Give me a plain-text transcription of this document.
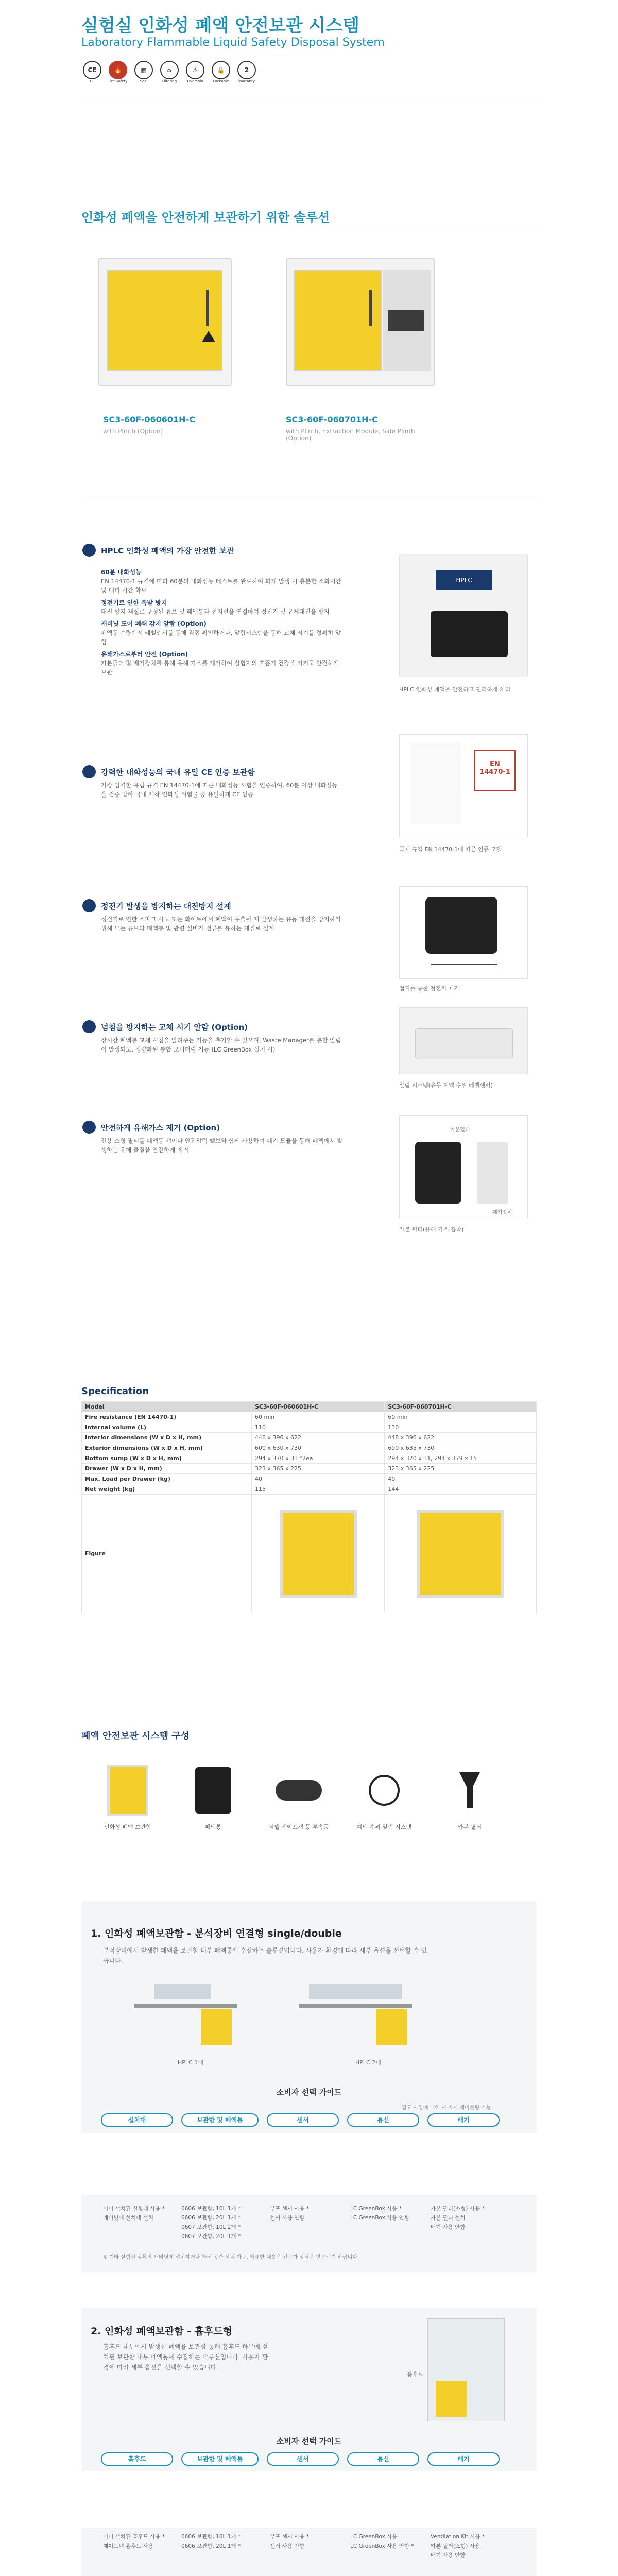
실험실 인화성 폐액 안전보관 시스템
Laboratory Flammable Liquid Safety Disposal System
CE
CE
🔥
Fire Safety
▦
Seal
⌂
Filtering
⚠
Overcolo
🔒
Lockable
2
Warranty
인화성 폐액을 안전하게 보관하기 위한 솔루션
SC3-60F-060601H-C
with Plinth (Option)
SC3-60F-060701H-C
with Plinth, Extraction Module, Side Plinth (Option)
HPLC 인화성 폐액의 가장 안전한 보관
60분 내화성능
EN 14470-1 규격에 따라 60분의 내화성능 테스트를 완료하여 화재 발생 시 충분한 소화시간 및 대피 시간 확보
정전기로 인한 폭발 방지
대전 방지 재질로 구성된 튜브 및 폐액통과 접지선을 연결하여 정전기 및 유체대전을 방지
캐비닛 도어 폐쇄 감지 알람 (Option)
폐액통 수량에서 레벨센서를 통해 직접 확인하거나, 알림시스템을 통해 교체 시기를 정확히 알림
유해가스로부터 안전 (Option)
카본필터 및 배기장치를 통해 유해 가스를 제거하여 실험자의 호흡기 건강을 지키고 안전하게 보관
HPLC
HPLC 인화성 폐액을 안전하고 편리하게 처리
강력한 내화성능의 국내 유일 CE 인증 보관함
가장 엄격한 유럽 규격 EN 14470-1에 따른 내화성능 시험을 인증하여, 60분 이상 내화성능을 검증 받아 국내 제작 인화성 위험물 중 유일하게 CE 인증
EN
14470-1
국제 규격 EN 14470-1에 따른 인증 모델
정전기 발생을 방지하는 대전방지 설계
정전기로 인한 스파크 사고 또는 화이트에서 폐액이 유출될 때 발생하는 유동 대전을 방지하기 위해 모든 튜브와 폐액통 및 관련 설비가 전류를 통하는 재질로 설계
접지를 통한 정전기 제거
넘침을 방지하는 교체 시기 알람 (Option)
장시간 폐액통 교체 시점을 알려주는 기능을 추가할 수 있으며, Waste Manager를 통한 알림이 발생되고, 정량화된 통합 모니터링 기능 (LC GreenBox 설치 시)
알림 시스템(유무 폐액 수위 레벨센서)
안전하게 유해가스 제거 (Option)
전용 소형 필터를 폐액통 캡이나 안전압력 밸브와 함께 사용하여 폐기 모듈을 통해 폐액에서 발생하는 유해 물질을 안전하게 제거
카본필터
폐기장치
카본 필터(유해 가스 흡착)
Specification
Model	SC3-60F-060601H-C	SC3-60F-060701H-C
Fire resistance (EN 14470-1)	60 min	60 min
Internal volume (L)	110	130
Interior dimensions (W x D x H, mm)	448 x 396 x 622	448 x 396 x 622
Exterior dimensions (W x D x H, mm)	600 x 630 x 730	690 x 635 x 730
Bottom sump (W x D x H, mm)	294 x 370 x 31 *2ea	294 x 370 x 31, 294 x 379 x 15
Drawer (W x D x H, mm)	323 x 365 x 225	323 x 365 x 225
Max. Load per Drawer (kg)	40	40
Net weight (kg)	115	144
Figure	

폐액 안전보관 시스템 구성
인화성 폐액 보관함	폐액통	퍼넬 세이프캡 등 부속품	폐액 수위 알림 시스템	카본 필터
1. 인화성 폐액보관함 - 분석장비 연결형 single/double
분석장비에서 발생한 폐액을 보관함 내부 폐액통에 수집하는 솔루션입니다. 사용자 환경에 따라 세부 옵션을 선택할 수 있습니다.
HPLC 1대	HPLC 2대
소비자 선택 가이드
필요 사양에 대해 시 가시 레이블링 가능
설치대	보관함 및 폐액통	센서	통신	배기
이미 설치된 실험대 사용 *
캐비닛에 설치대 설치
0606 보관함, 10L 1개 *
0606 보관함, 20L 1개 *
0607 보관함, 10L 2개 *
0607 보관함, 20L 1개 *
부포 센서 사용 *
센서 사용 안함
LC GreenBox 사용 *
LC GreenBox 사용 안함
카본 필터(소형) 사용 *
카본 필터 설치
배기 사용 안함
※ 기타 실험실 상황의 캐비닛에 설치하거나 자체 공간 설치 가능. 자세한 내용은 전문가 상담을 받으시기 바랍니다.
2. 인화성 폐액보관함 - 흄후드형
흄후드 내부에서 발생한 폐액을 보관함 통해 흄후드 하부에 설치된 보관함 내부 폐액통에 수집하는 솔루션입니다. 사용자 환경에 따라 세부 옵션을 선택할 수 있습니다.
흄후드
소비자 선택 가이드
흄후드	보관함 및 폐액통	센서	통신	배기
이미 설치된 흄후드 사용 *
제이오텍 흄후드 사용
0606 보관함, 10L 1개 *
0606 보관함, 20L 1개 *
부포 센서 사용 *
센서 사용 안함
LC GreenBox 사용
LC GreenBox 사용 안함 *
Ventilation Kit 사용 *
카본 필터(소형) 사용
배기 사용 안함
